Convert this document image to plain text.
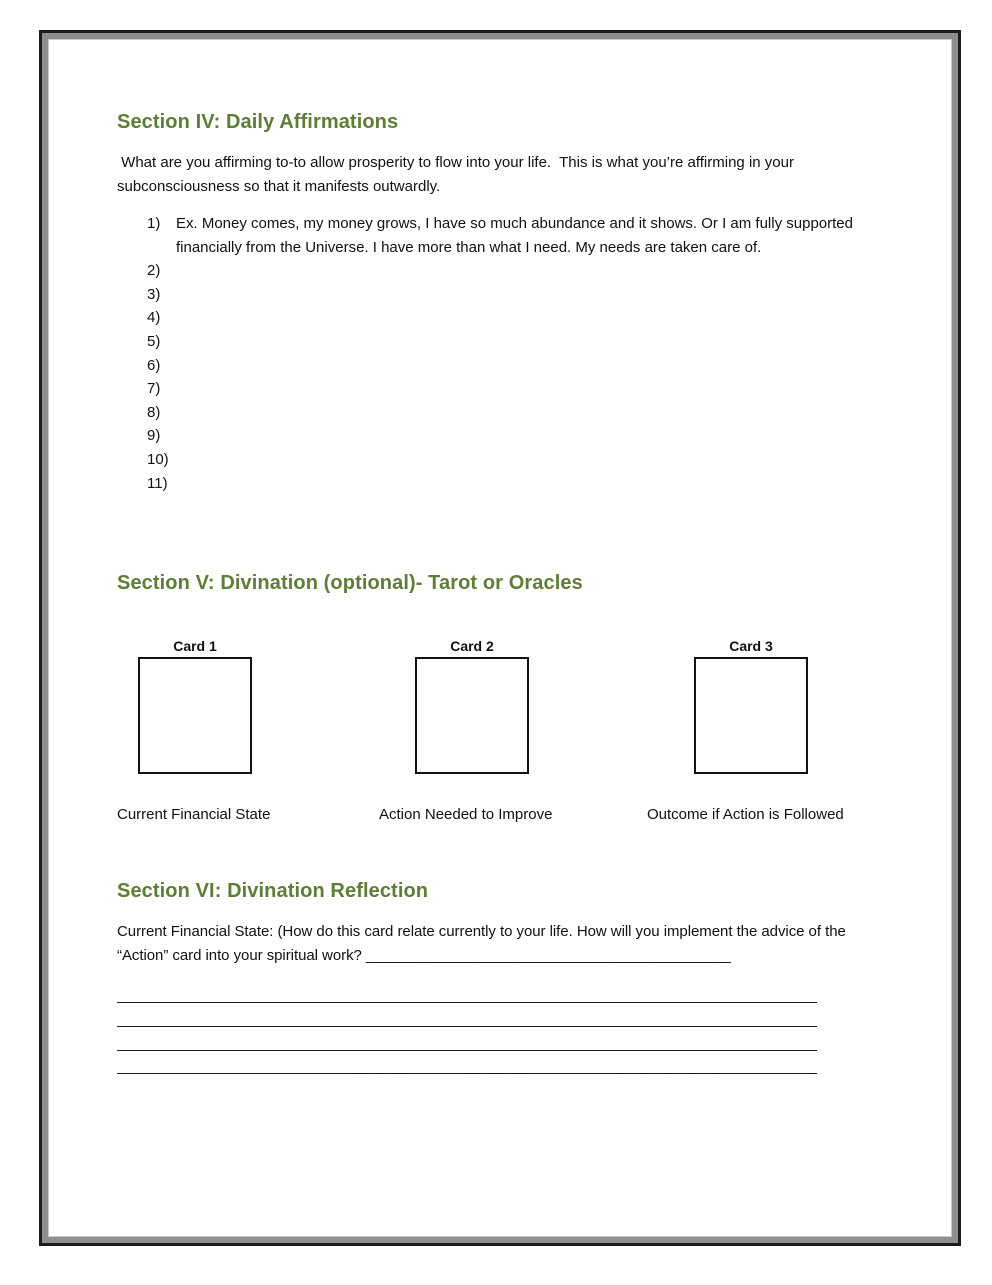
Section IV: Daily Affirmations

What are you affirming to-to allow prosperity to flow into your life.  This is what you’re affirming in your subconsciousness so that it manifests outwardly.

1) Ex. Money comes, my money grows, I have so much abundance and it shows. Or I am fully supported financially from the Universe. I have more than what I need. My needs are taken care of.
2)
3)
4)
5)
6)
7)
8)
9)
10)
11)
Section V: Divination (optional)- Tarot or Oracles
Card 1	Card 2	Card 3
Current Financial State	Action Needed to Improve	Outcome if Action is Followed
Section VI: Divination Reflection

Current Financial State: (How do this card relate currently to your life. How will you implement the advice of the “Action” card into your spiritual work? ____________________________________________

_______________________________________________________________________________________
_______________________________________________________________________________________
_______________________________________________________________________________________
_______________________________________________________________________________________
